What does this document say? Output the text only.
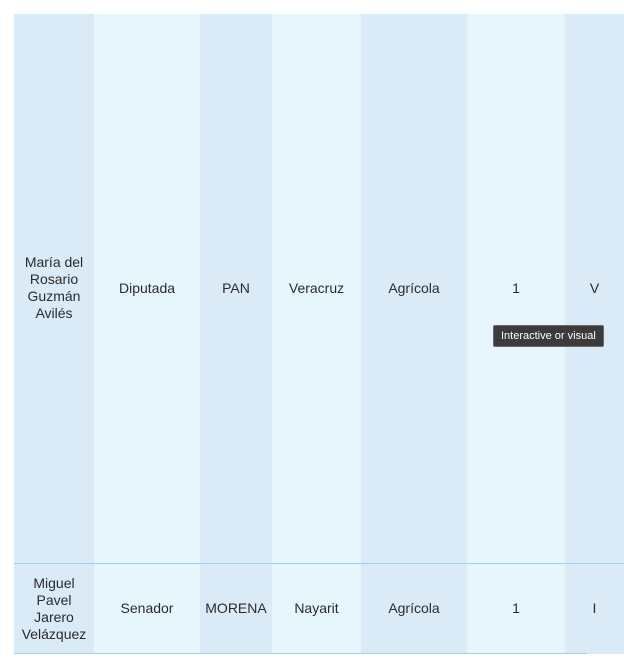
María del Rosario Guzmán Avilés	Diputada	PAN	Veracruz	Agrícola	1	V
Miguel Pavel Jarero Velázquez	Senador	MORENA	Nayarit	Agrícola	1	I
Interactive or visual
